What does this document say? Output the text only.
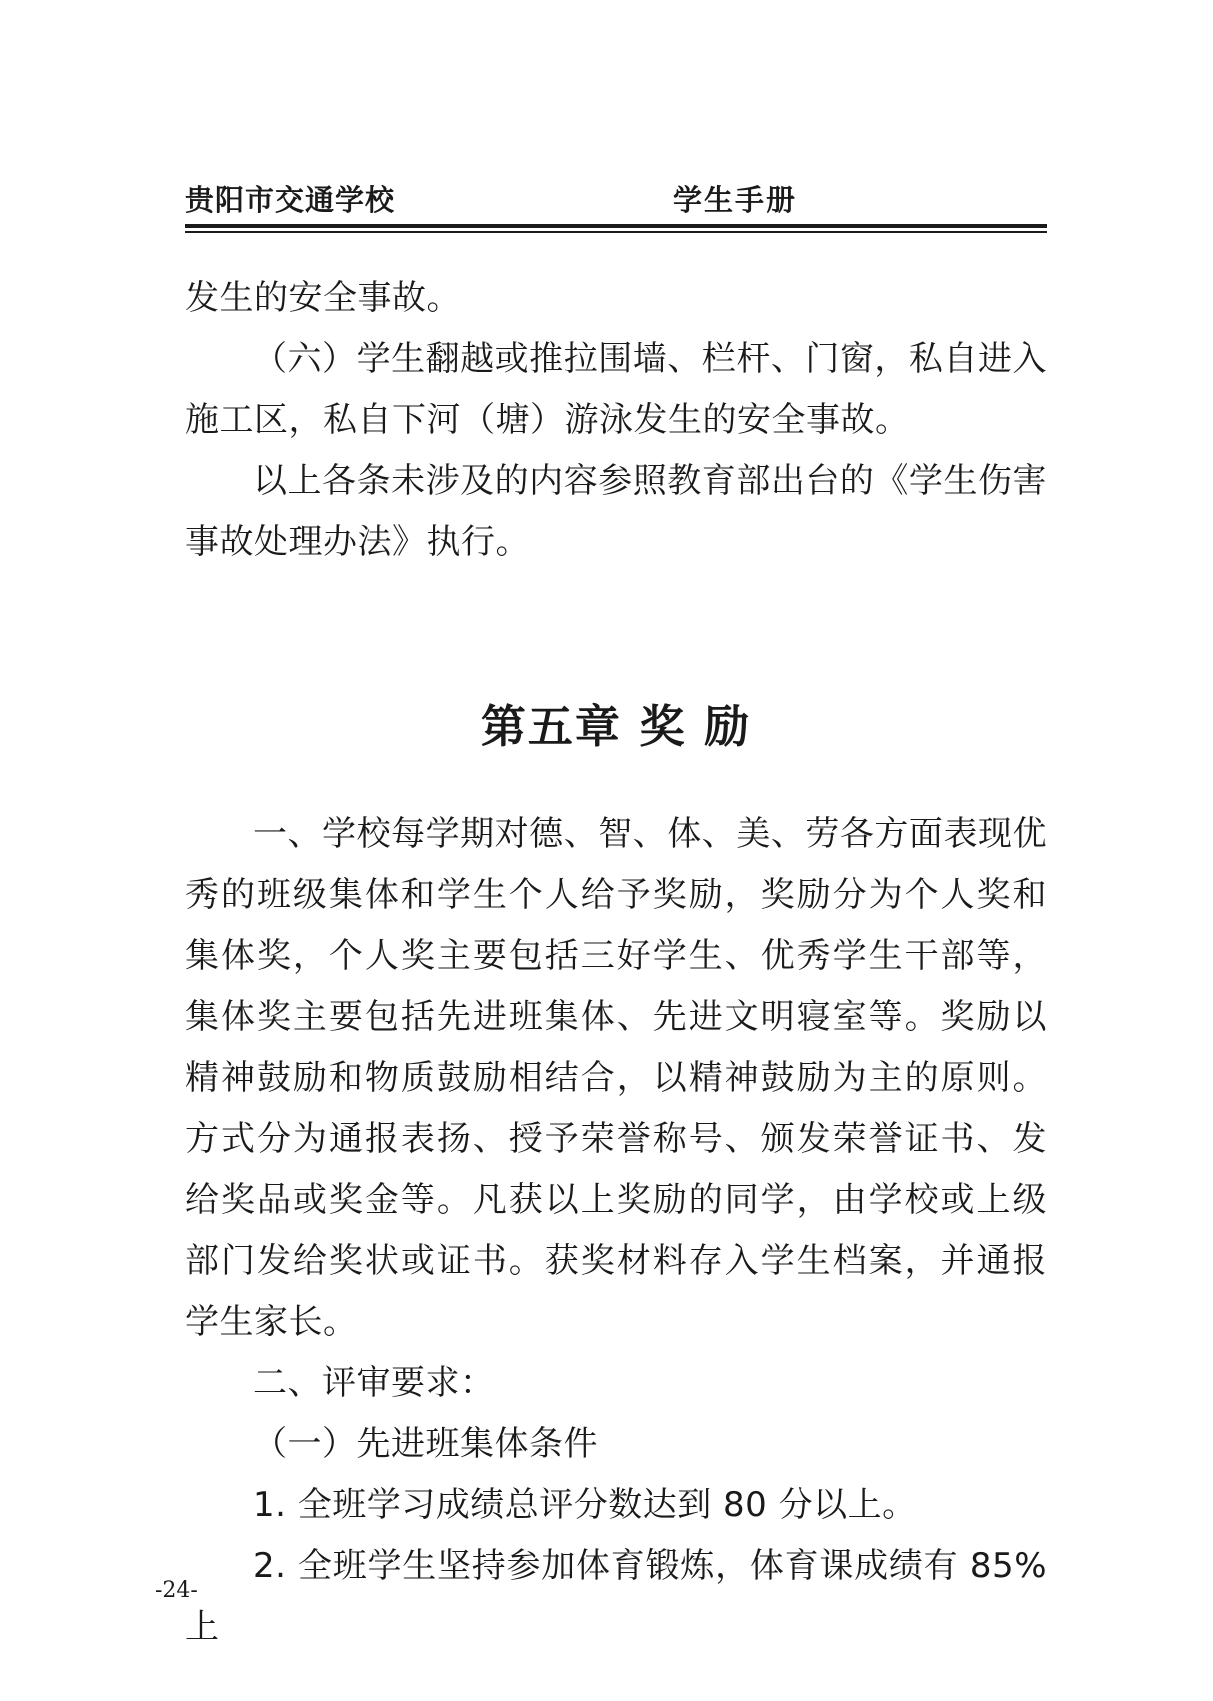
贵阳市交通学校	学生手册

发生的安全事故。

（六）学生翻越或推拉围墙、栏杆、门窗，私自进入施工区，私自下河（塘）游泳发生的安全事故。

以上各条未涉及的内容参照教育部出台的《学生伤害事故处理办法》执行。

第五章 奖 励

一、学校每学期对德、智、体、美、劳各方面表现优秀的班级集体和学生个人给予奖励，奖励分为个人奖和集体奖，个人奖主要包括三好学生、优秀学生干部等，集体奖主要包括先进班集体、先进文明寝室等。奖励以精神鼓励和物质鼓励相结合，以精神鼓励为主的原则。方式分为通报表扬、授予荣誉称号、颁发荣誉证书、发给奖品或奖金等。凡获以上奖励的同学，由学校或上级部门发给奖状或证书。获奖材料存入学生档案，并通报学生家长。

二、评审要求：

（一）先进班集体条件

1. 全班学习成绩总评分数达到 80 分以上。

2. 全班学生坚持参加体育锻炼，体育课成绩有 85% 上

-24-
